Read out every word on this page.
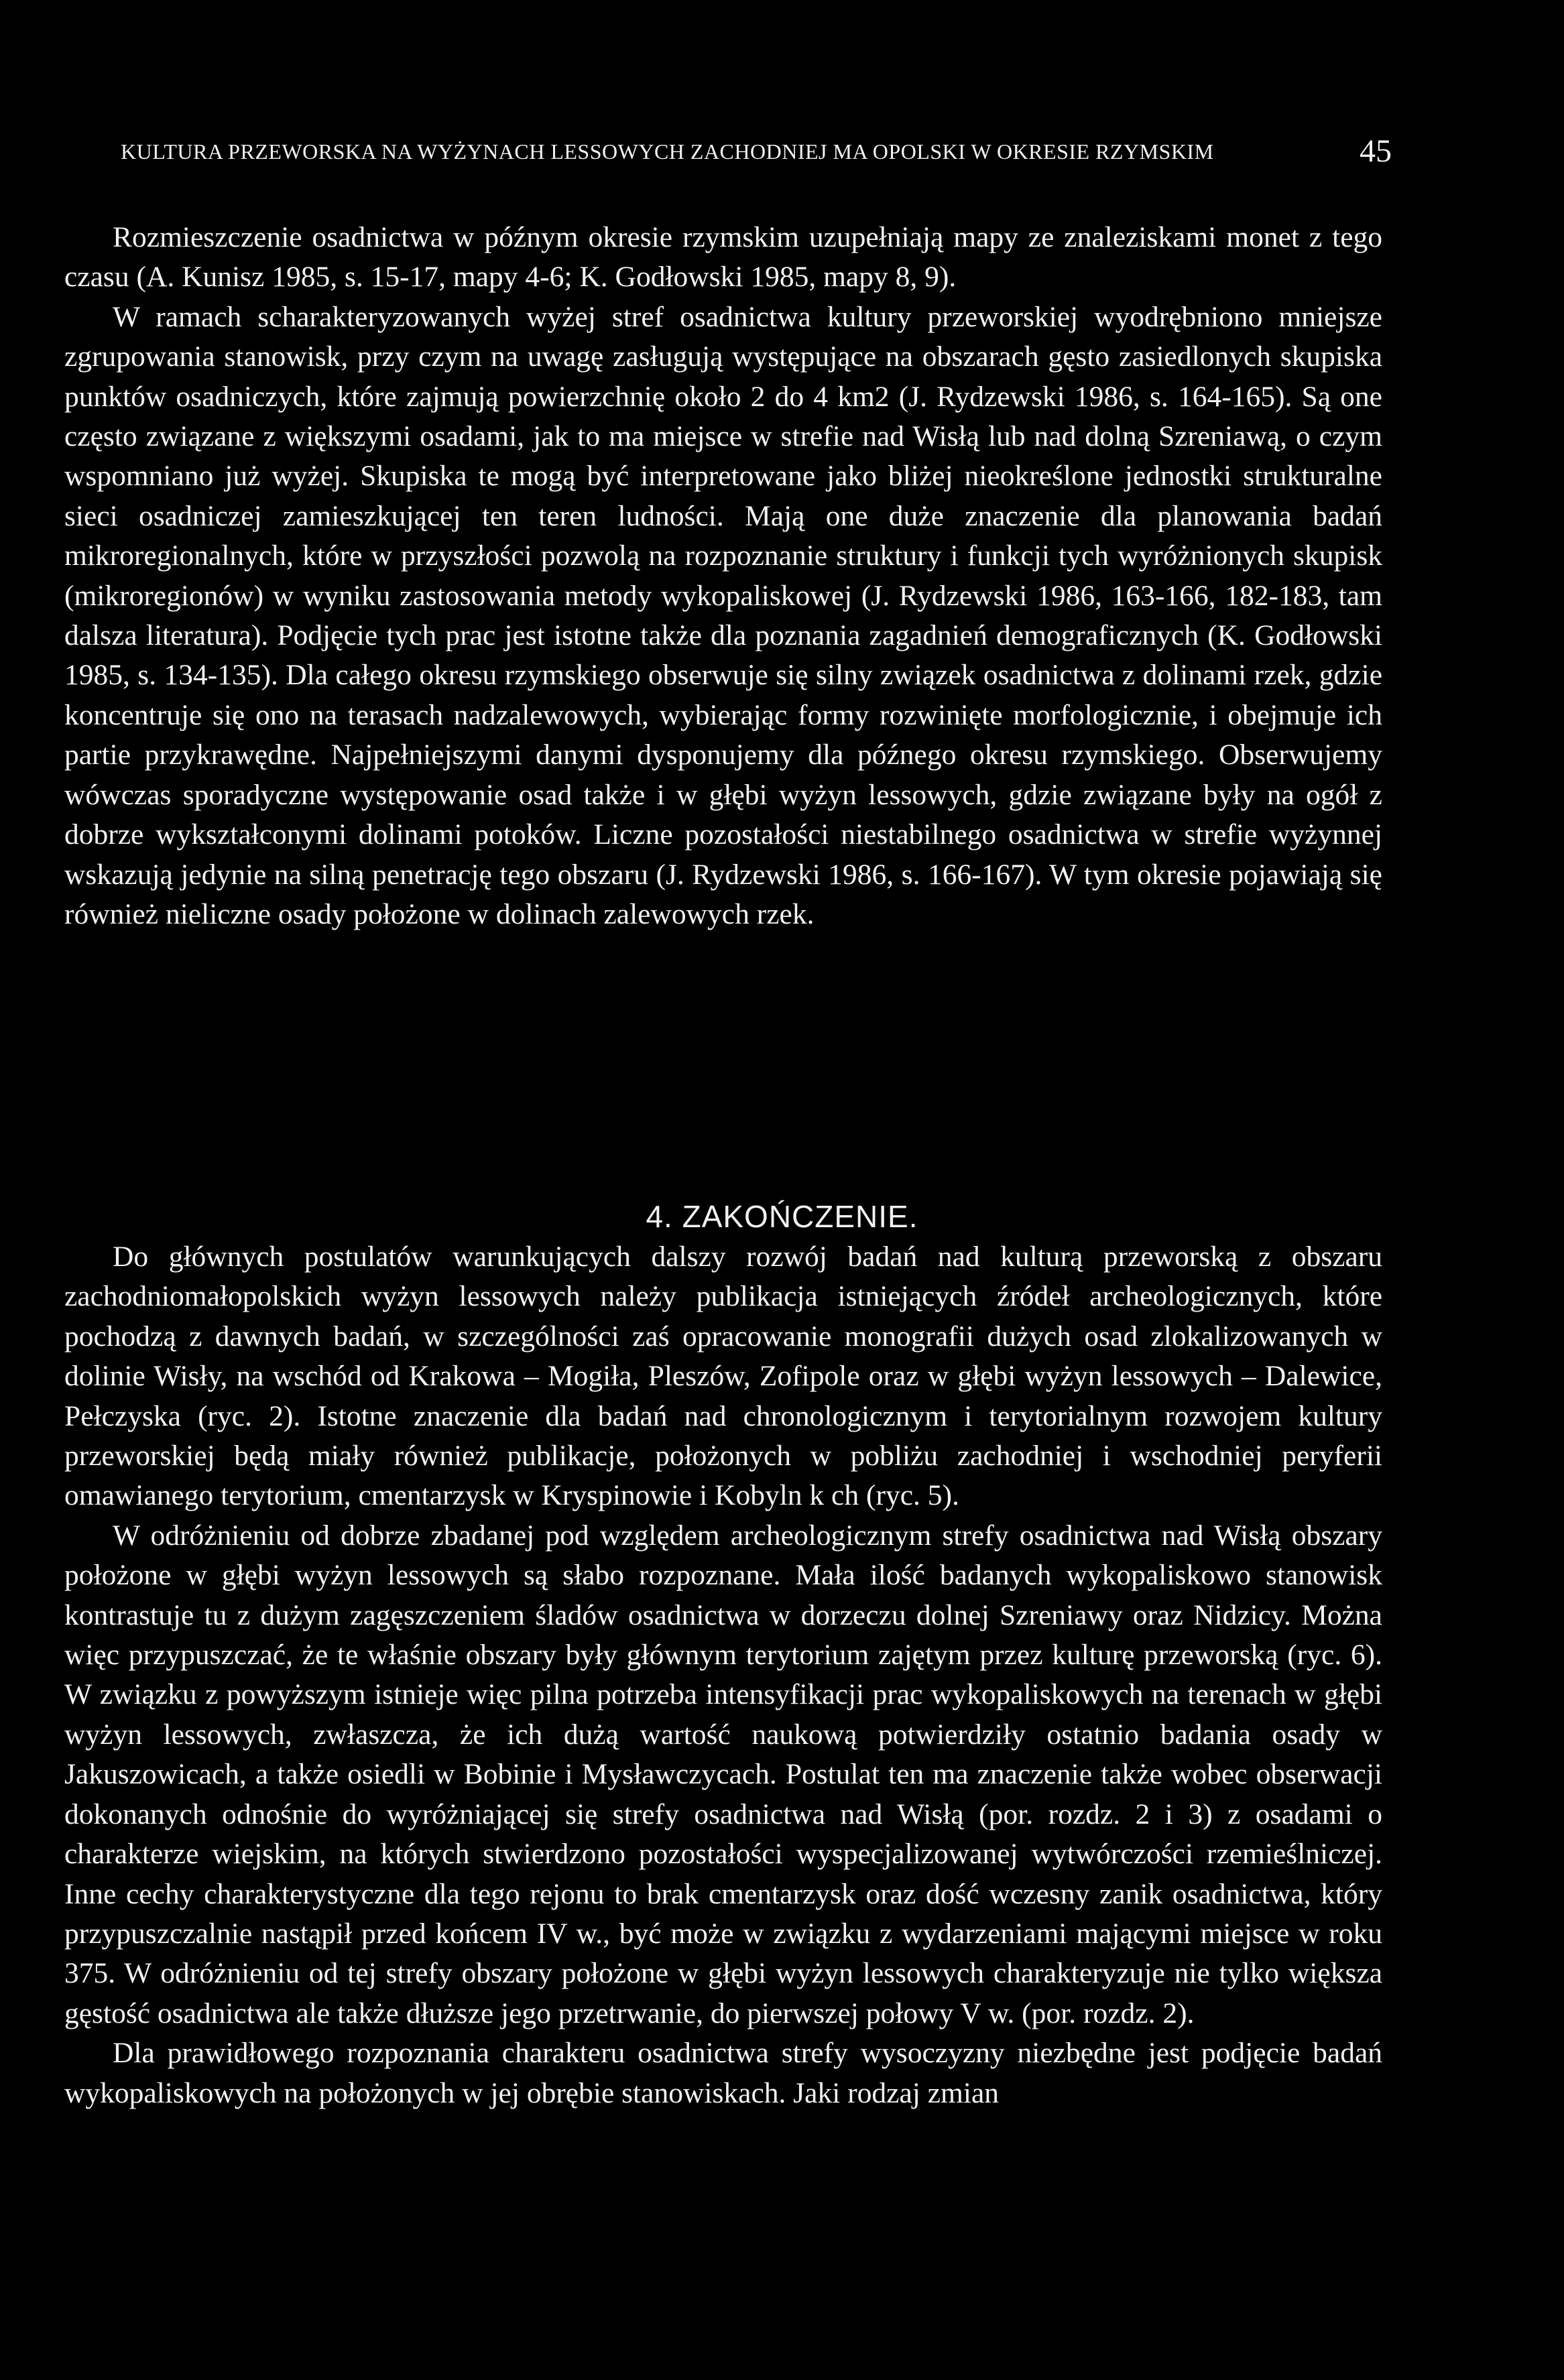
KULTURA PRZEWORSKA NA WYŻYNACH LESSOWYCH ZACHODNIEJ MA OPOLSKI W OKRESIE RZYMSKIM	45

Rozmieszczenie osadnictwa w późnym okresie rzymskim uzupełniają mapy ze znaleziskami monet z tego czasu (A. Kunisz 1985, s. 15-17, mapy 4-6; K. Godłowski 1985, mapy 8, 9).

W ramach scharakteryzowanych wyżej stref osadnictwa kultury przeworskiej wyodrębniono mniejsze zgrupowania stanowisk, przy czym na uwagę zasługują występujące na obszarach gęsto zasiedlonych skupiska punktów osadniczych, które zajmują powierzchnię około 2 do 4 km2 (J. Rydzewski 1986, s. 164-165). Są one często związane z większymi osadami, jak to ma miejsce w strefie nad Wisłą lub nad dolną Szreniawą, o czym wspomniano już wyżej. Skupiska te mogą być interpretowane jako bliżej nieokreślone jednostki strukturalne sieci osadniczej zamieszkującej ten teren ludności. Mają one duże znaczenie dla planowania badań mikroregionalnych, które w przyszłości pozwolą na rozpoznanie struktury i funkcji tych wyróżnionych skupisk (mikroregionów) w wyniku zastosowania metody wykopaliskowej (J. Rydzewski 1986, 163-166, 182-183, tam dalsza literatura). Podjęcie tych prac jest istotne także dla poznania zagadnień demograficznych (K. Godłowski 1985, s. 134-135). Dla całego okresu rzymskiego obserwuje się silny związek osadnictwa z dolinami rzek, gdzie koncentruje się ono na terasach nadzalewowych, wybierając formy rozwinięte morfologicznie, i obejmuje ich partie przykrawędne. Najpełniejszymi danymi dysponujemy dla późnego okresu rzymskiego. Obserwujemy wówczas sporadyczne występowanie osad także i w głębi wyżyn lessowych, gdzie związane były na ogół z dobrze wykształconymi dolinami potoków. Liczne pozostałości niestabilnego osadnictwa w strefie wyżynnej wskazują jedynie na silną penetrację tego obszaru (J. Rydzewski 1986, s. 166-167). W tym okresie pojawiają się również nieliczne osady położone w dolinach zalewowych rzek.

4. ZAKOŃCZENIE.

Do głównych postulatów warunkujących dalszy rozwój badań nad kulturą przeworską z obszaru zachodniomałopolskich wyżyn lessowych należy publikacja istniejących źródeł archeologicznych, które pochodzą z dawnych badań, w szczególności zaś opracowanie monografii dużych osad zlokalizowanych w dolinie Wisły, na wschód od Krakowa – Mogiła, Pleszów, Zofipole oraz w głębi wyżyn lessowych – Dalewice, Pełczyska (ryc. 2). Istotne znaczenie dla badań nad chronologicznym i terytorialnym rozwojem kultury przeworskiej będą miały również publikacje, położonych w pobliżu zachodniej i wschodniej peryferii omawianego terytorium, cmentarzysk w Kryspinowie i Kobyln k ch (ryc. 5).

W odróżnieniu od dobrze zbadanej pod względem archeologicznym strefy osadnictwa nad Wisłą obszary położone w głębi wyżyn lessowych są słabo rozpoznane. Mała ilość badanych wykopaliskowo stanowisk kontrastuje tu z dużym zagęszczeniem śladów osadnictwa w dorzeczu dolnej Szreniawy oraz Nidzicy. Można więc przypuszczać, że te właśnie obszary były głównym terytorium zajętym przez kulturę przeworską (ryc. 6). W związku z powyższym istnieje więc pilna potrzeba intensyfikacji prac wykopaliskowych na terenach w głębi wyżyn lessowych, zwłaszcza, że ich dużą wartość naukową potwierdziły ostatnio badania osady w Jakuszowicach, a także osiedli w Bobinie i Mysławczycach. Postulat ten ma znaczenie także wobec obserwacji dokonanych odnośnie do wyróżniającej się strefy osadnictwa nad Wisłą (por. rozdz. 2 i 3) z osadami o charakterze wiejskim, na których stwierdzono pozostałości wyspecjalizowanej wytwórczości rzemieślniczej. Inne cechy charakterystyczne dla tego rejonu to brak cmentarzysk oraz dość wczesny zanik osadnictwa, który przypuszczalnie nastąpił przed końcem IV w., być może w związku z wydarzeniami mającymi miejsce w roku 375. W odróżnieniu od tej strefy obszary położone w głębi wyżyn lessowych charakteryzuje nie tylko większa gęstość osadnictwa ale także dłuższe jego przetrwanie, do pierwszej połowy V w. (por. rozdz. 2).

Dla prawidłowego rozpoznania charakteru osadnictwa strefy wysoczyzny niezbędne jest podjęcie badań wykopaliskowych na położonych w jej obrębie stanowiskach. Jaki rodzaj zmian
